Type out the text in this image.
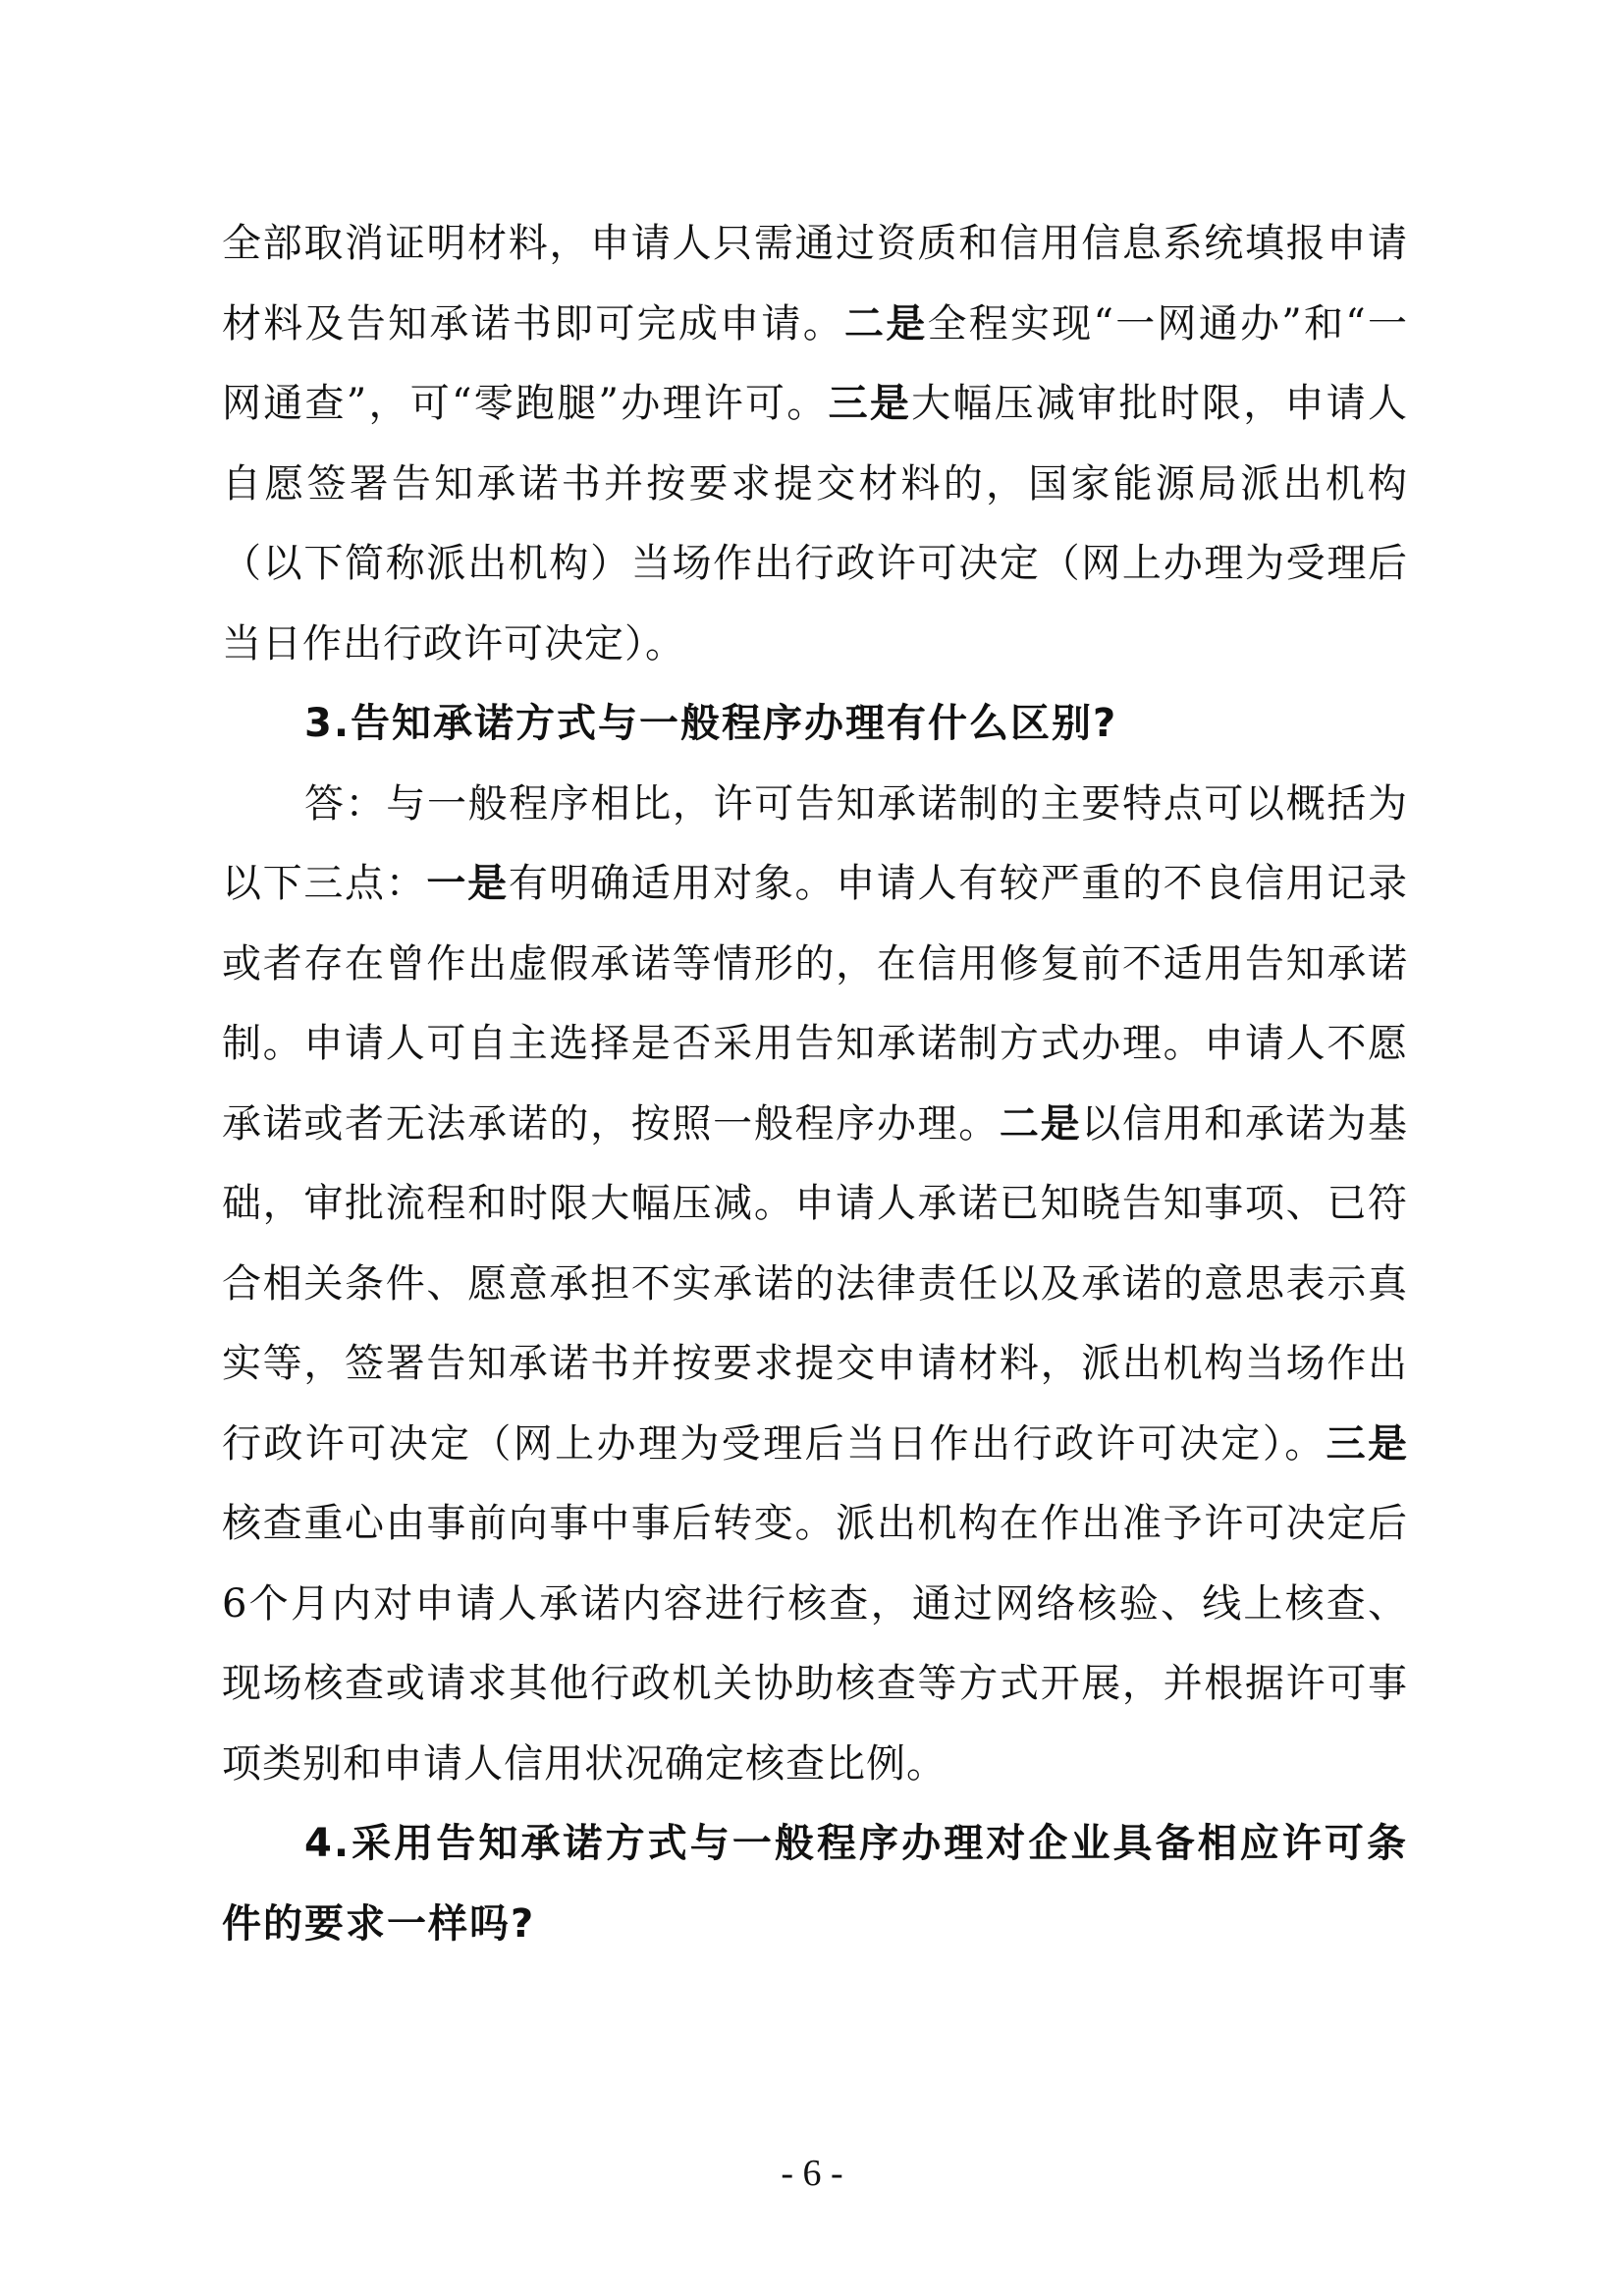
全部取消证明材料，申请人只需通过资质和信用信息系统填报申请材料及告知承诺书即可完成申请。二是全程实现“一网通办”和“一网通查”，可“零跑腿”办理许可。三是大幅压减审批时限，申请人自愿签署告知承诺书并按要求提交材料的，国家能源局派出机构（以下简称派出机构）当场作出行政许可决定（网上办理为受理后当日作出行政许可决定）。

3.告知承诺方式与一般程序办理有什么区别?

答：与一般程序相比，许可告知承诺制的主要特点可以概括为以下三点：一是有明确适用对象。申请人有较严重的不良信用记录或者存在曾作出虚假承诺等情形的，在信用修复前不适用告知承诺制。申请人可自主选择是否采用告知承诺制方式办理。申请人不愿承诺或者无法承诺的，按照一般程序办理。二是以信用和承诺为基础，审批流程和时限大幅压减。申请人承诺已知晓告知事项、已符合相关条件、愿意承担不实承诺的法律责任以及承诺的意思表示真实等，签署告知承诺书并按要求提交申请材料，派出机构当场作出行政许可决定（网上办理为受理后当日作出行政许可决定）。三是核查重心由事前向事中事后转变。派出机构在作出准予许可决定后6个月内对申请人承诺内容进行核查，通过网络核验、线上核查、现场核查或请求其他行政机关协助核查等方式开展，并根据许可事项类别和申请人信用状况确定核查比例。

4.采用告知承诺方式与一般程序办理对企业具备相应许可条件的要求一样吗?

- 6 -
